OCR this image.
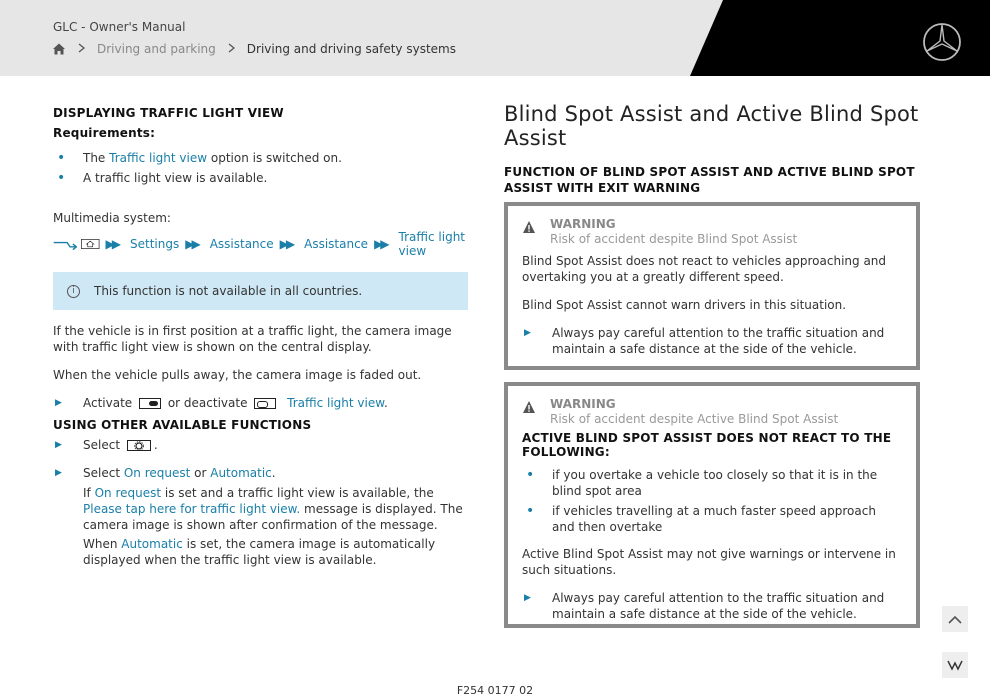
GLC - Owner's Manual
Driving and parking	Driving and driving safety systems
DISPLAYING TRAFFIC LIGHT VIEW
Requirements:
• The Traffic light view option is switched on.
• A traffic light view is available.
Multimedia system:
▶▶ Settings ▶▶ Assistance ▶▶ Assistance ▶▶ Traffic light view
i	This function is not available in all countries.
If the vehicle is in first position at a traffic light, the camera image with traffic light view is shown on the central display.
When the vehicle pulls away, the camera image is faded out.
▶ Activate	or deactivate	Traffic light view.
USING OTHER AVAILABLE FUNCTIONS
▶ Select	.
▶ Select On request or Automatic.
If On request is set and a traffic light view is available, the Please tap here for traffic light view. message is displayed. The camera image is shown after confirmation of the message.
When Automatic is set, the camera image is automatically displayed when the traffic light view is available.
Blind Spot Assist and Active Blind Spot Assist
FUNCTION OF BLIND SPOT ASSIST AND ACTIVE BLIND SPOT ASSIST WITH EXIT WARNING
WARNING
Risk of accident despite Blind Spot Assist
Blind Spot Assist does not react to vehicles approaching and overtaking you at a greatly different speed.
Blind Spot Assist cannot warn drivers in this situation.
▶ Always pay careful attention to the traffic situation and maintain a safe distance at the side of the vehicle.
WARNING
Risk of accident despite Active Blind Spot Assist
ACTIVE BLIND SPOT ASSIST DOES NOT REACT TO THE FOLLOWING:
• if you overtake a vehicle too closely so that it is in the blind spot area
• if vehicles travelling at a much faster speed approach and then overtake
Active Blind Spot Assist may not give warnings or intervene in such situations.
▶ Always pay careful attention to the traffic situation and maintain a safe distance at the side of the vehicle.
F254 0177 02
